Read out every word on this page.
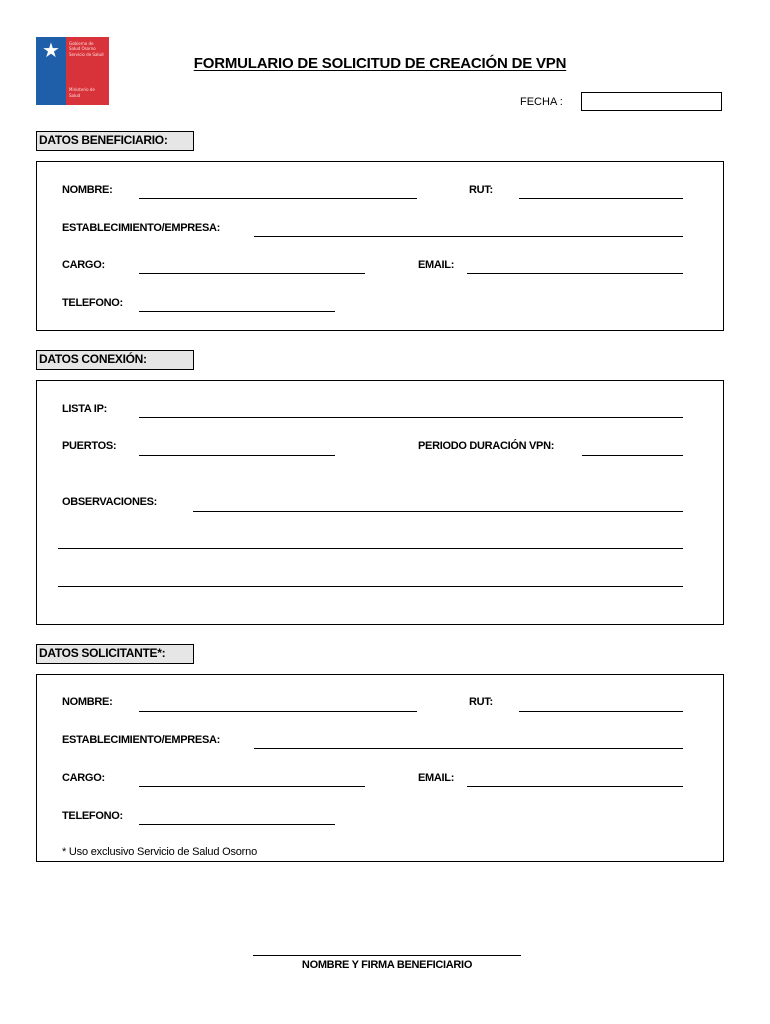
★	Gobierno de
Salud Osorno
Servicio de Salud
Ministerio de
Salud
FORMULARIO DE SOLICITUD DE CREACIÓN DE VPN
FECHA :
DATOS BENEFICIARIO:
NOMBRE:	RUT:
ESTABLECIMIENTO/EMPRESA:
CARGO:	EMAIL:
TELEFONO:
DATOS CONEXIÓN:
LISTA IP:
PUERTOS:	PERIODO DURACIÓN VPN:
OBSERVACIONES:
DATOS SOLICITANTE*:
NOMBRE:	RUT:
ESTABLECIMIENTO/EMPRESA:
CARGO:	EMAIL:
TELEFONO:
* Uso exclusivo Servicio de Salud Osorno
NOMBRE Y FIRMA BENEFICIARIO
